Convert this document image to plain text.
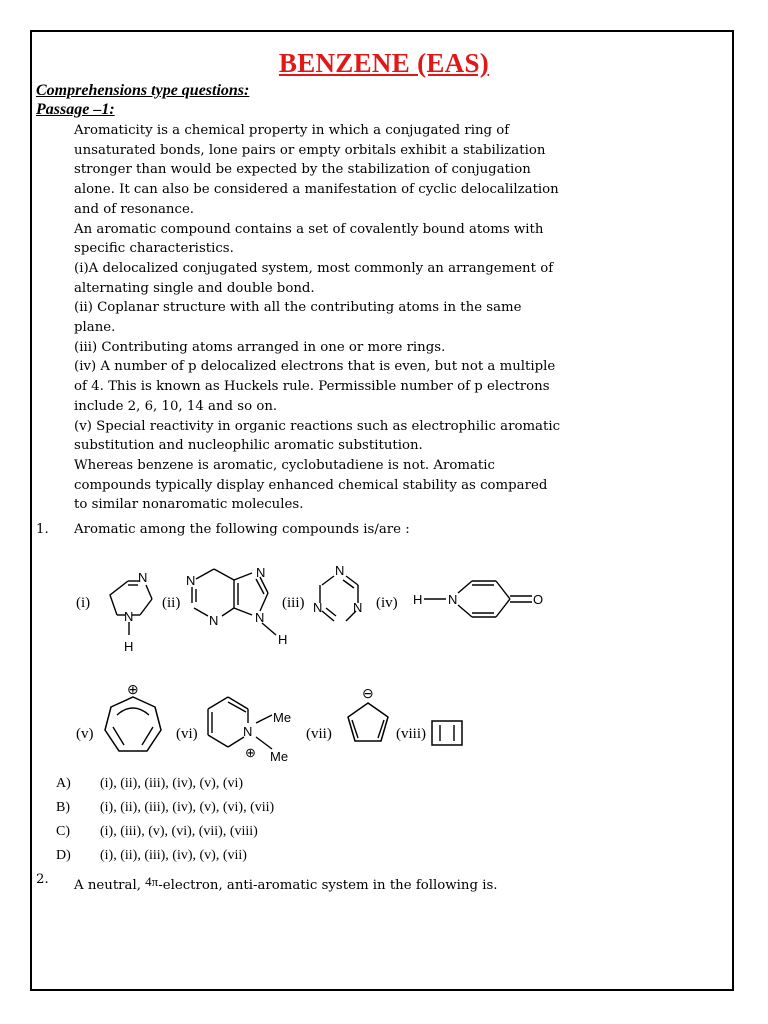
BENZENE (EAS)
Comprehensions type questions:
Passage –1:

Aromaticity is a chemical property in which a conjugated ring of

unsaturated bonds, lone pairs or empty orbitals exhibit a stabilization

stronger than would be expected by the stabilization of conjugation

alone. It can also be considered a manifestation of cyclic delocalilzation

and of resonance.

An aromatic compound contains a set of covalently bound atoms with

specific characteristics.

(i)A delocalized conjugated system, most commonly an arrangement of

alternating single and double bond.

(ii) Coplanar structure with all the contributing atoms in the same

plane.

(iii) Contributing atoms arranged in one or more rings.

(iv) A number of p delocalized electrons that is even, but not a multiple

of 4. This is known as Huckels rule. Permissible number of p electrons

include 2, 6, 10, 14 and so on.

(v) Special reactivity in organic reactions such as electrophilic aromatic

substitution and nucleophilic aromatic substitution.

Whereas benzene is aromatic, cyclobutadiene is not. Aromatic

compounds typically display enhanced chemical stability as compared

to similar nonaromatic molecules.

1. Aromatic among the following compounds is/are :
(i)
N
N
H
(ii)
N
N
N
N
H
(iii)
N
N N (iv) H N	O
(v)
⊕
(vi)	N
⊕
Me
Me
(vii)
⊖
(viii)
A) (i), (ii), (iii), (iv), (v), (vi)
B) (i), (ii), (iii), (iv), (v), (vi), (vii)
C) (i), (iii), (v), (vi), (vii), (viii)
D) (i), (ii), (iii), (iv), (v), (vii)
2. A neutral, 4π-electron, anti-aromatic system in the following is.
